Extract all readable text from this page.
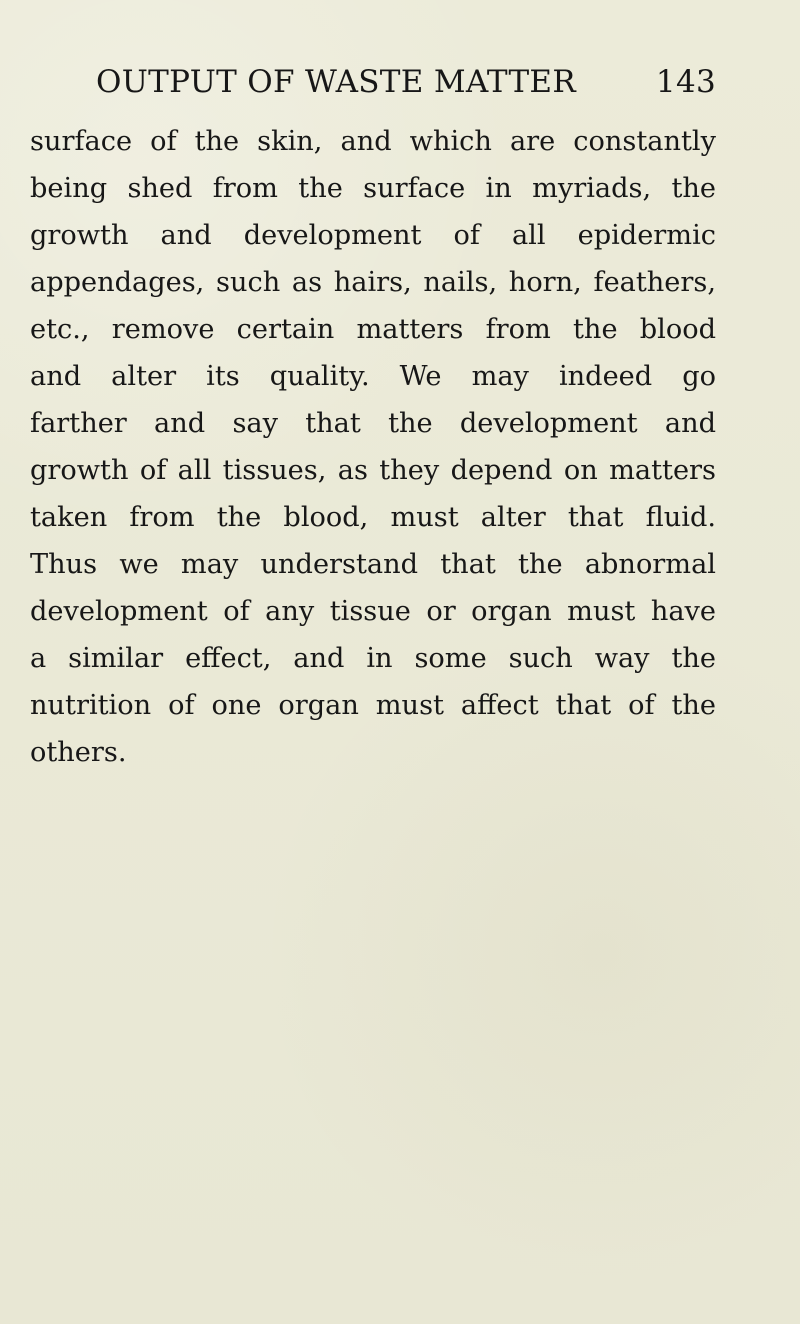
OUTPUT OF WASTE MATTER	143

surface of the skin, and which are constantly

being shed from the surface in myriads, the

growth and development of all epidermic

appendages, such as hairs, nails, horn, feathers,

etc., remove certain matters from the blood

and alter its quality. We may indeed go

farther and say that the development and

growth of all tissues, as they depend on matters

taken from the blood, must alter that fluid.

Thus we may understand that the abnormal

development of any tissue or organ must have

a similar effect, and in some such way the

nutrition of one organ must affect that of the

others.
